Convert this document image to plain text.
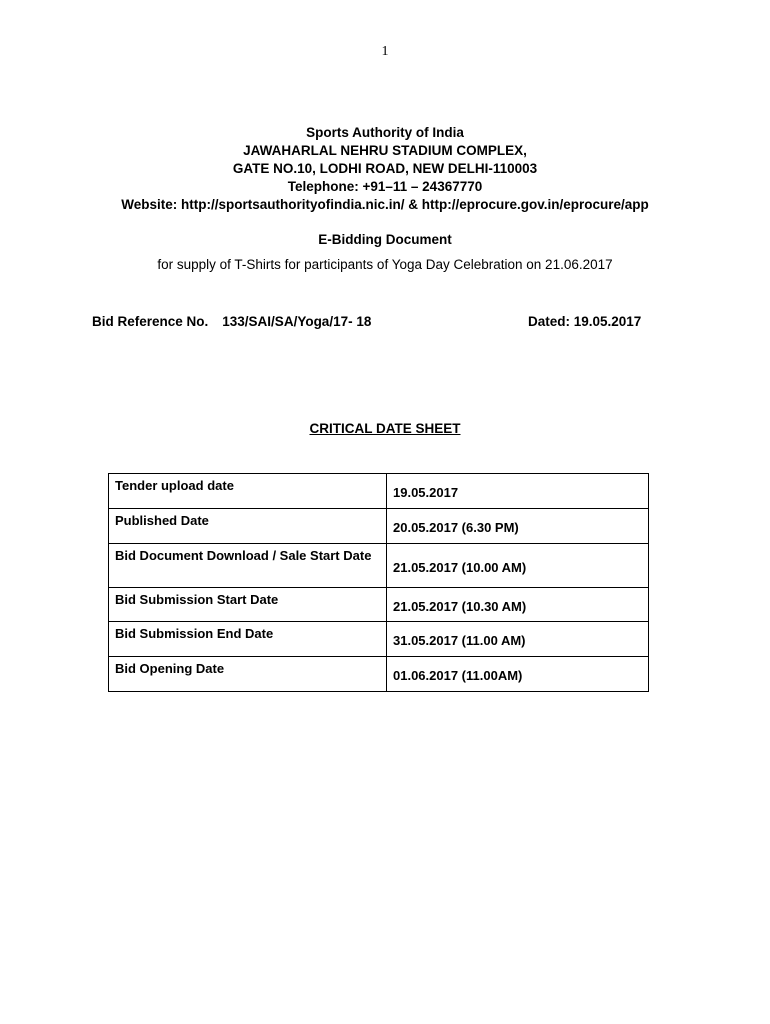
1
Sports Authority of India
JAWAHARLAL NEHRU STADIUM COMPLEX,
GATE NO.10, LODHI ROAD, NEW DELHI-110003
Telephone: +91–11 – 24367770
Website: http://sportsauthorityofindia.nic.in/ & http://eprocure.gov.in/eprocure/app
E-Bidding Document
for supply of T-Shirts for participants of Yoga Day Celebration on 21.06.2017
Bid Reference No. 133/SAI/SA/Yoga/17- 18	Dated: 19.05.2017
CRITICAL DATE SHEET
Tender upload date	19.05.2017
Published Date	20.05.2017 (6.30 PM)
Bid Document Download / Sale Start Date	21.05.2017 (10.00 AM)
Bid Submission Start Date	21.05.2017 (10.30 AM)
Bid Submission End Date	31.05.2017 (11.00 AM)
Bid Opening Date	01.06.2017 (11.00AM)
